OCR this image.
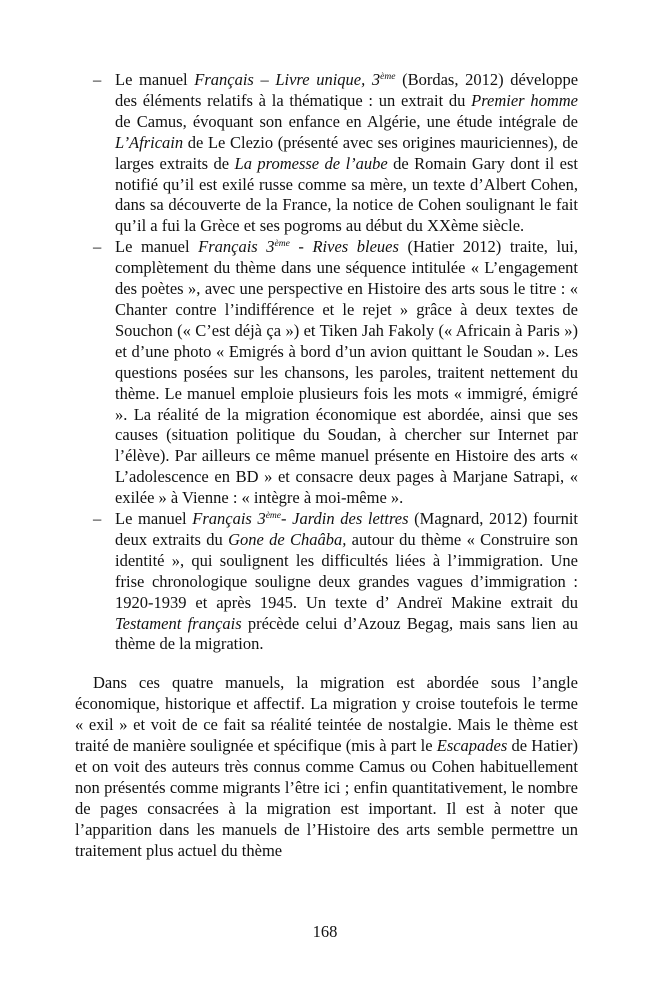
– Le manuel Français – Livre unique, 3ème (Bordas, 2012) développe des éléments relatifs à la thématique : un extrait du Premier homme de Camus, évoquant son enfance en Algérie, une étude intégrale de L’Africain de Le Clezio (présenté avec ses origines mauriciennes), de larges extraits de La promesse de l’aube de Romain Gary dont il est notifié qu’il est exilé russe comme sa mère, un texte d’Albert Cohen, dans sa découverte de la France, la notice de Cohen soulignant le fait qu’il a fui la Grèce et ses pogroms au début du XXème siècle.
– Le manuel Français 3ème - Rives bleues (Hatier 2012) traite, lui, complètement du thème dans une séquence intitulée « L’engagement des poètes », avec une perspective en Histoire des arts sous le titre : « Chanter contre l’indifférence et le rejet » grâce à deux textes de Souchon (« C’est déjà ça ») et Tiken Jah Fakoly (« Africain à Paris ») et d’une photo « Emigrés à bord d’un avion quittant le Soudan ». Les questions posées sur les chansons, les paroles, traitent nettement du thème. Le manuel emploie plusieurs fois les mots « immigré, émigré ». La réalité de la migration économique est abordée, ainsi que ses causes (situation politique du Soudan, à chercher sur Internet par l’élève). Par ailleurs ce même manuel présente en Histoire des arts « L’adolescence en BD » et consacre deux pages à Marjane Satrapi, « exilée » à Vienne : « intègre à moi-même ».
– Le manuel Français 3ème- Jardin des lettres (Magnard, 2012) fournit deux extraits du Gone de Chaâba, autour du thème « Construire son identité », qui soulignent les difficultés liées à l’immigration. Une frise chronologique souligne deux grandes vagues d’immigration : 1920-1939 et après 1945. Un texte d’ Andreï Makine extrait du Testament français précède celui d’Azouz Begag, mais sans lien au thème de la migration.

Dans ces quatre manuels, la migration est abordée sous l’angle économique, historique et affectif. La migration y croise toutefois le terme « exil » et voit de ce fait sa réalité teintée de nostalgie. Mais le thème est traité de manière soulignée et spécifique (mis à part le Escapades de Hatier) et on voit des auteurs très connus comme Camus ou Cohen habituellement non présentés comme migrants l’être ici ; enfin quantitativement, le nombre de pages consacrées à la migration est important. Il est à noter que l’apparition dans les manuels de l’Histoire des arts semble permettre un traitement plus actuel du thème

168
